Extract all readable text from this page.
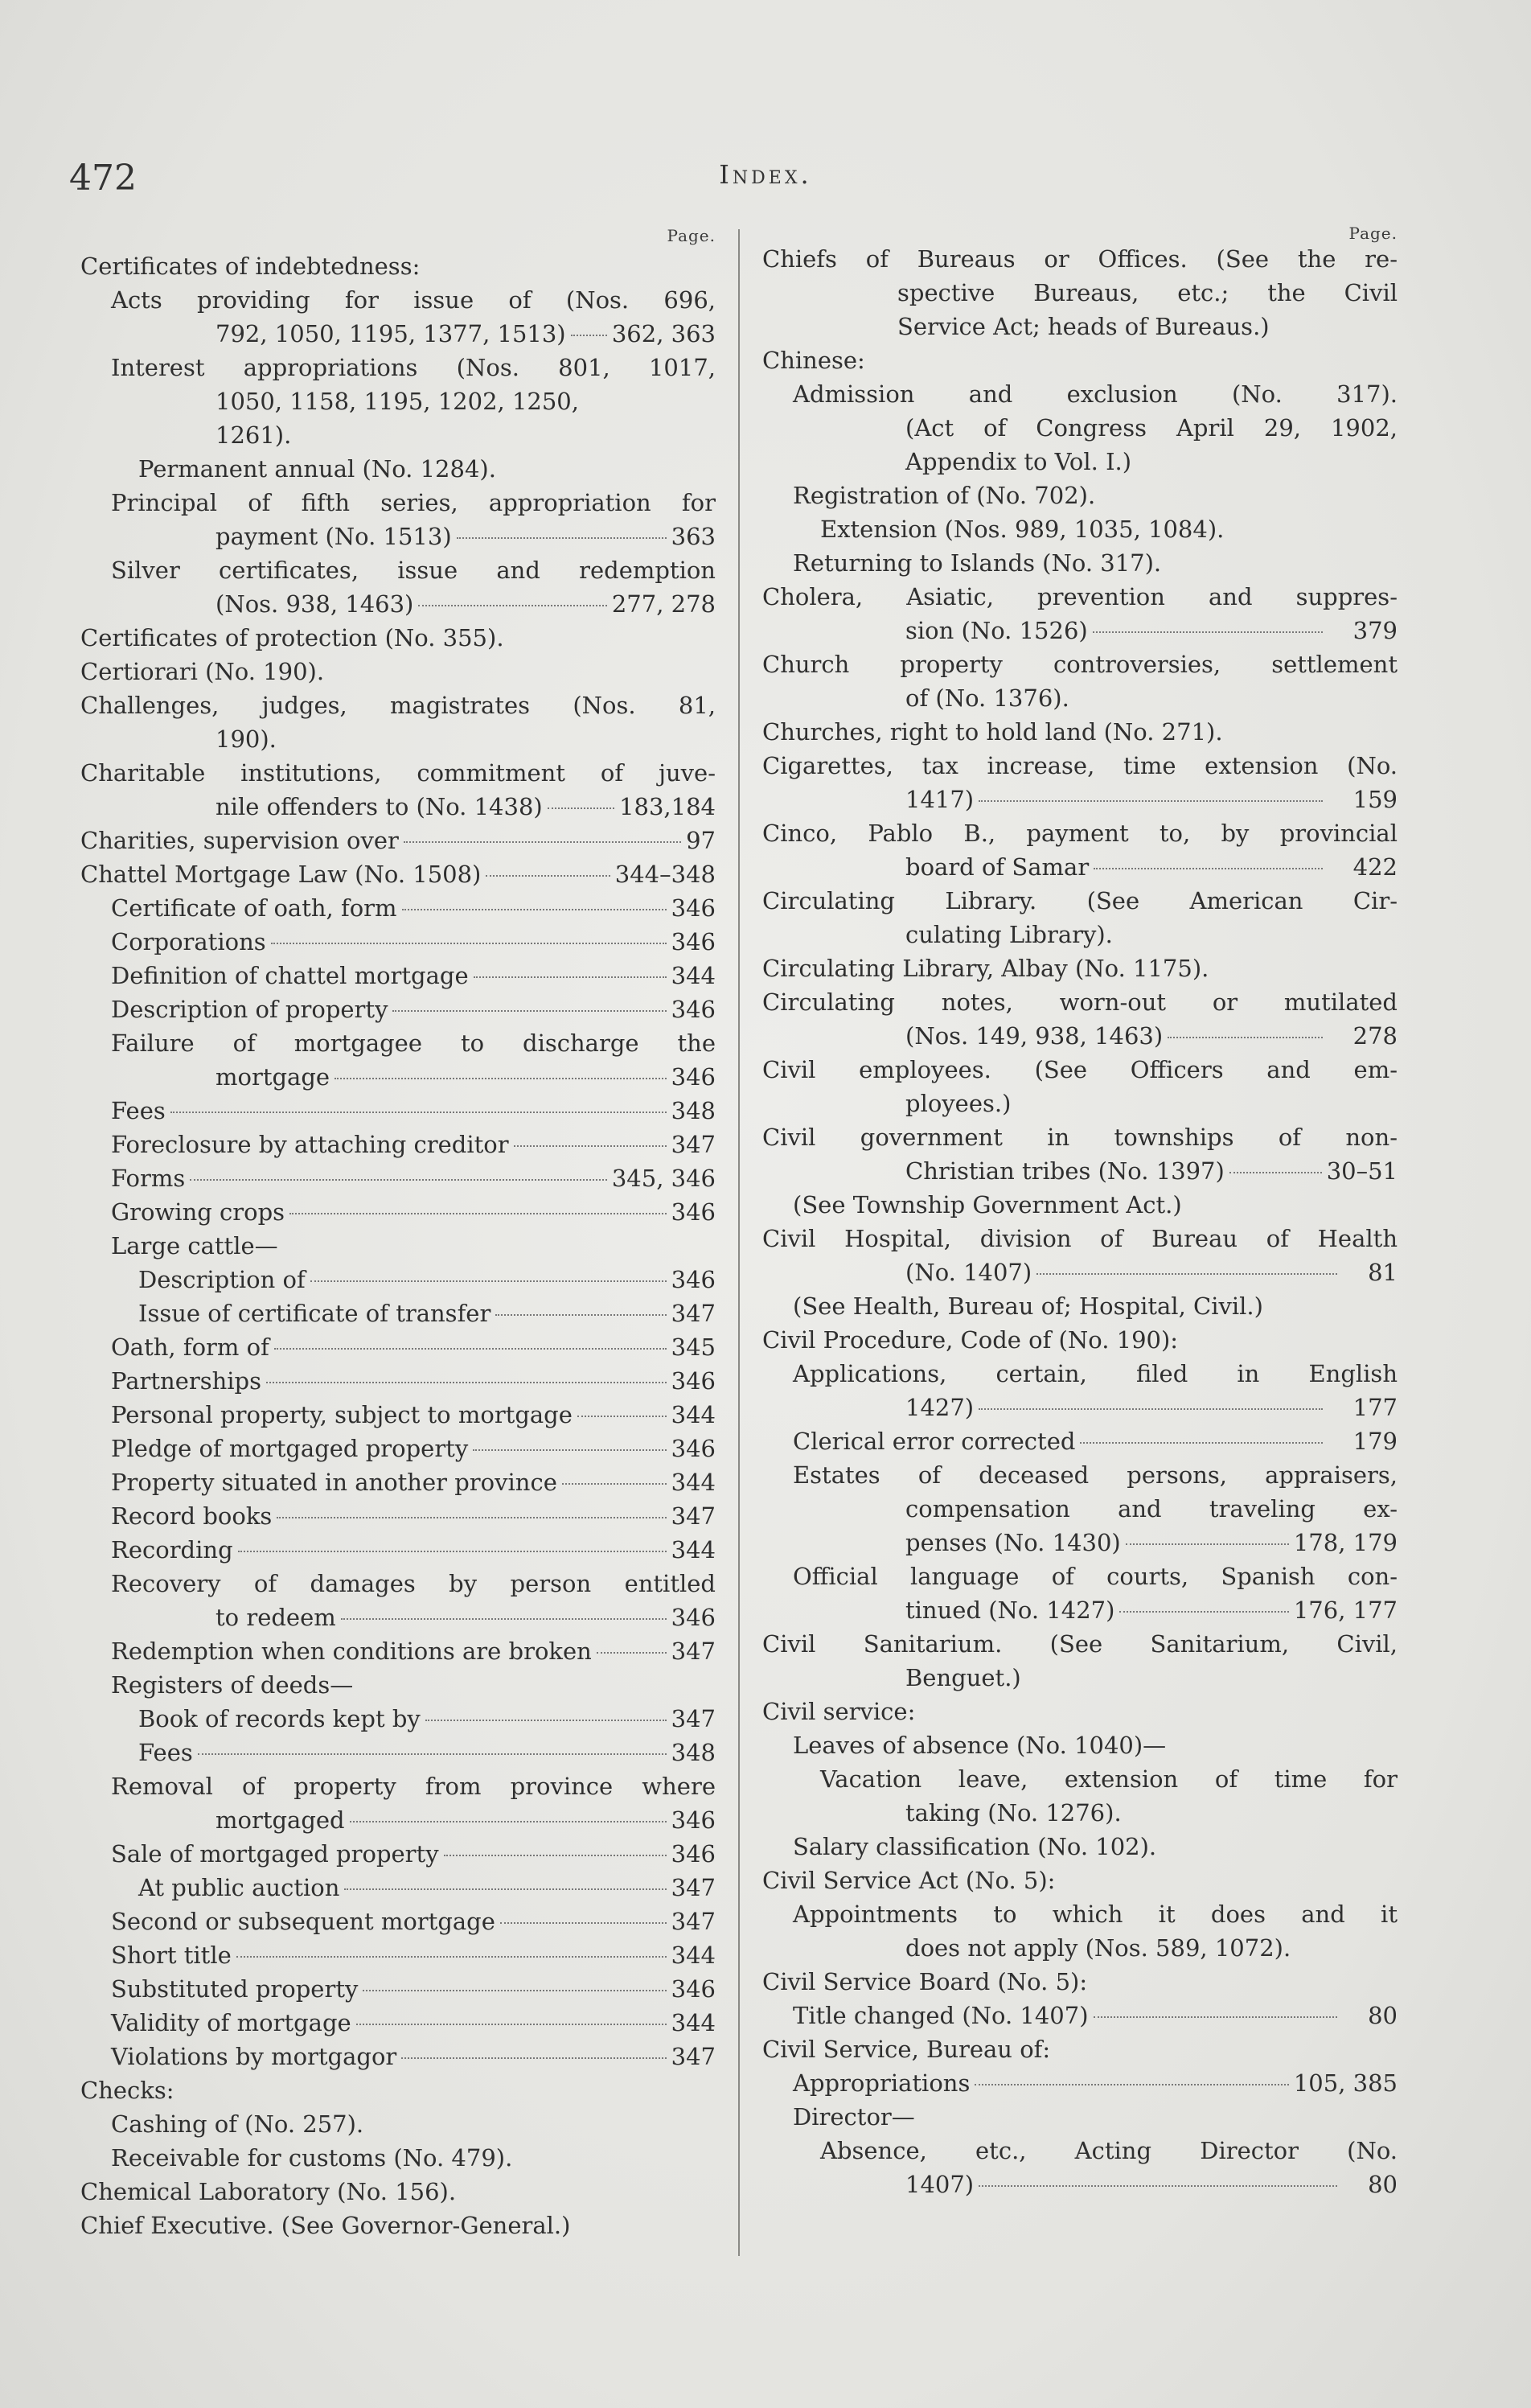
472	Index.
Page.
Certificates of indebtedness:
Acts providing for issue of (Nos. 696,
792, 1050, 1195, 1377, 1513) 362, 363
Interest appropriations (Nos. 801, 1017,
1050, 1158, 1195, 1202, 1250,
1261).
Permanent annual (No. 1284).
Principal of fifth series, appropriation for
payment (No. 1513)	363
Silver certificates, issue and redemption
(Nos. 938, 1463)	277, 278
Certificates of protection (No. 355).
Certiorari (No. 190).
Challenges, judges, magistrates (Nos. 81,
190).
Charitable institutions, commitment of juve-
nile offenders to (No. 1438)	183,184
Charities, supervision over	97
Chattel Mortgage Law (No. 1508)	344–348
Certificate of oath, form	346
Corporations	346
Definition of chattel mortgage	344
Description of property	346
Failure of mortgagee to discharge the
mortgage	346
Fees	348
Foreclosure by attaching creditor	347
Forms	345, 346
Growing crops	346
Large cattle—
Description of	346
Issue of certificate of transfer	347
Oath, form of	345
Partnerships	346
Personal property, subject to mortgage	344
Pledge of mortgaged property	346
Property situated in another province	344
Record books	347
Recording	344
Recovery of damages by person entitled
to redeem	346
Redemption when conditions are broken	347
Registers of deeds—
Book of records kept by	347
Fees	348
Removal of property from province where
mortgaged	346
Sale of mortgaged property	346
At public auction	347
Second or subsequent mortgage	347
Short title	344
Substituted property	346
Validity of mortgage	344
Violations by mortgagor	347
Checks:
Cashing of (No. 257).
Receivable for customs (No. 479).
Chemical Laboratory (No. 156).
Chief Executive. (See Governor-General.)
Page.
Chiefs of Bureaus or Offices. (See the re-
spective Bureaus, etc.; the Civil
Service Act; heads of Bureaus.)
Chinese:
Admission and exclusion (No. 317).
(Act of Congress April 29, 1902,
Appendix to Vol. I.)
Registration of (No. 702).
Extension (Nos. 989, 1035, 1084).
Returning to Islands (No. 317).
Cholera, Asiatic, prevention and suppres-
sion (No. 1526)	379
Church property controversies, settlement
of (No. 1376).
Churches, right to hold land (No. 271).
Cigarettes, tax increase, time extension (No.
1417)	159
Cinco, Pablo B., payment to, by provincial
board of Samar	422
Circulating Library. (See American Cir-
culating Library).
Circulating Library, Albay (No. 1175).
Circulating notes, worn-out or mutilated
(Nos. 149, 938, 1463)	278
Civil employees. (See Officers and em-
ployees.)
Civil government in townships of non-
Christian tribes (No. 1397)	30–51
(See Township Government Act.)
Civil Hospital, division of Bureau of Health
(No. 1407)	81
(See Health, Bureau of; Hospital, Civil.)
Civil Procedure, Code of (No. 190):
Applications, certain, filed in English
1427)	177
Clerical error corrected	179
Estates of deceased persons, appraisers,
compensation and traveling ex-
penses (No. 1430)	178, 179
Official language of courts, Spanish con-
tinued (No. 1427)	176, 177
Civil Sanitarium. (See Sanitarium, Civil,
Benguet.)
Civil service:
Leaves of absence (No. 1040)—
Vacation leave, extension of time for
taking (No. 1276).
Salary classification (No. 102).
Civil Service Act (No. 5):
Appointments to which it does and it
does not apply (Nos. 589, 1072).
Civil Service Board (No. 5):
Title changed (No. 1407)	80
Civil Service, Bureau of:
Appropriations	105, 385
Director—
Absence, etc., Acting Director (No.
1407)	80
